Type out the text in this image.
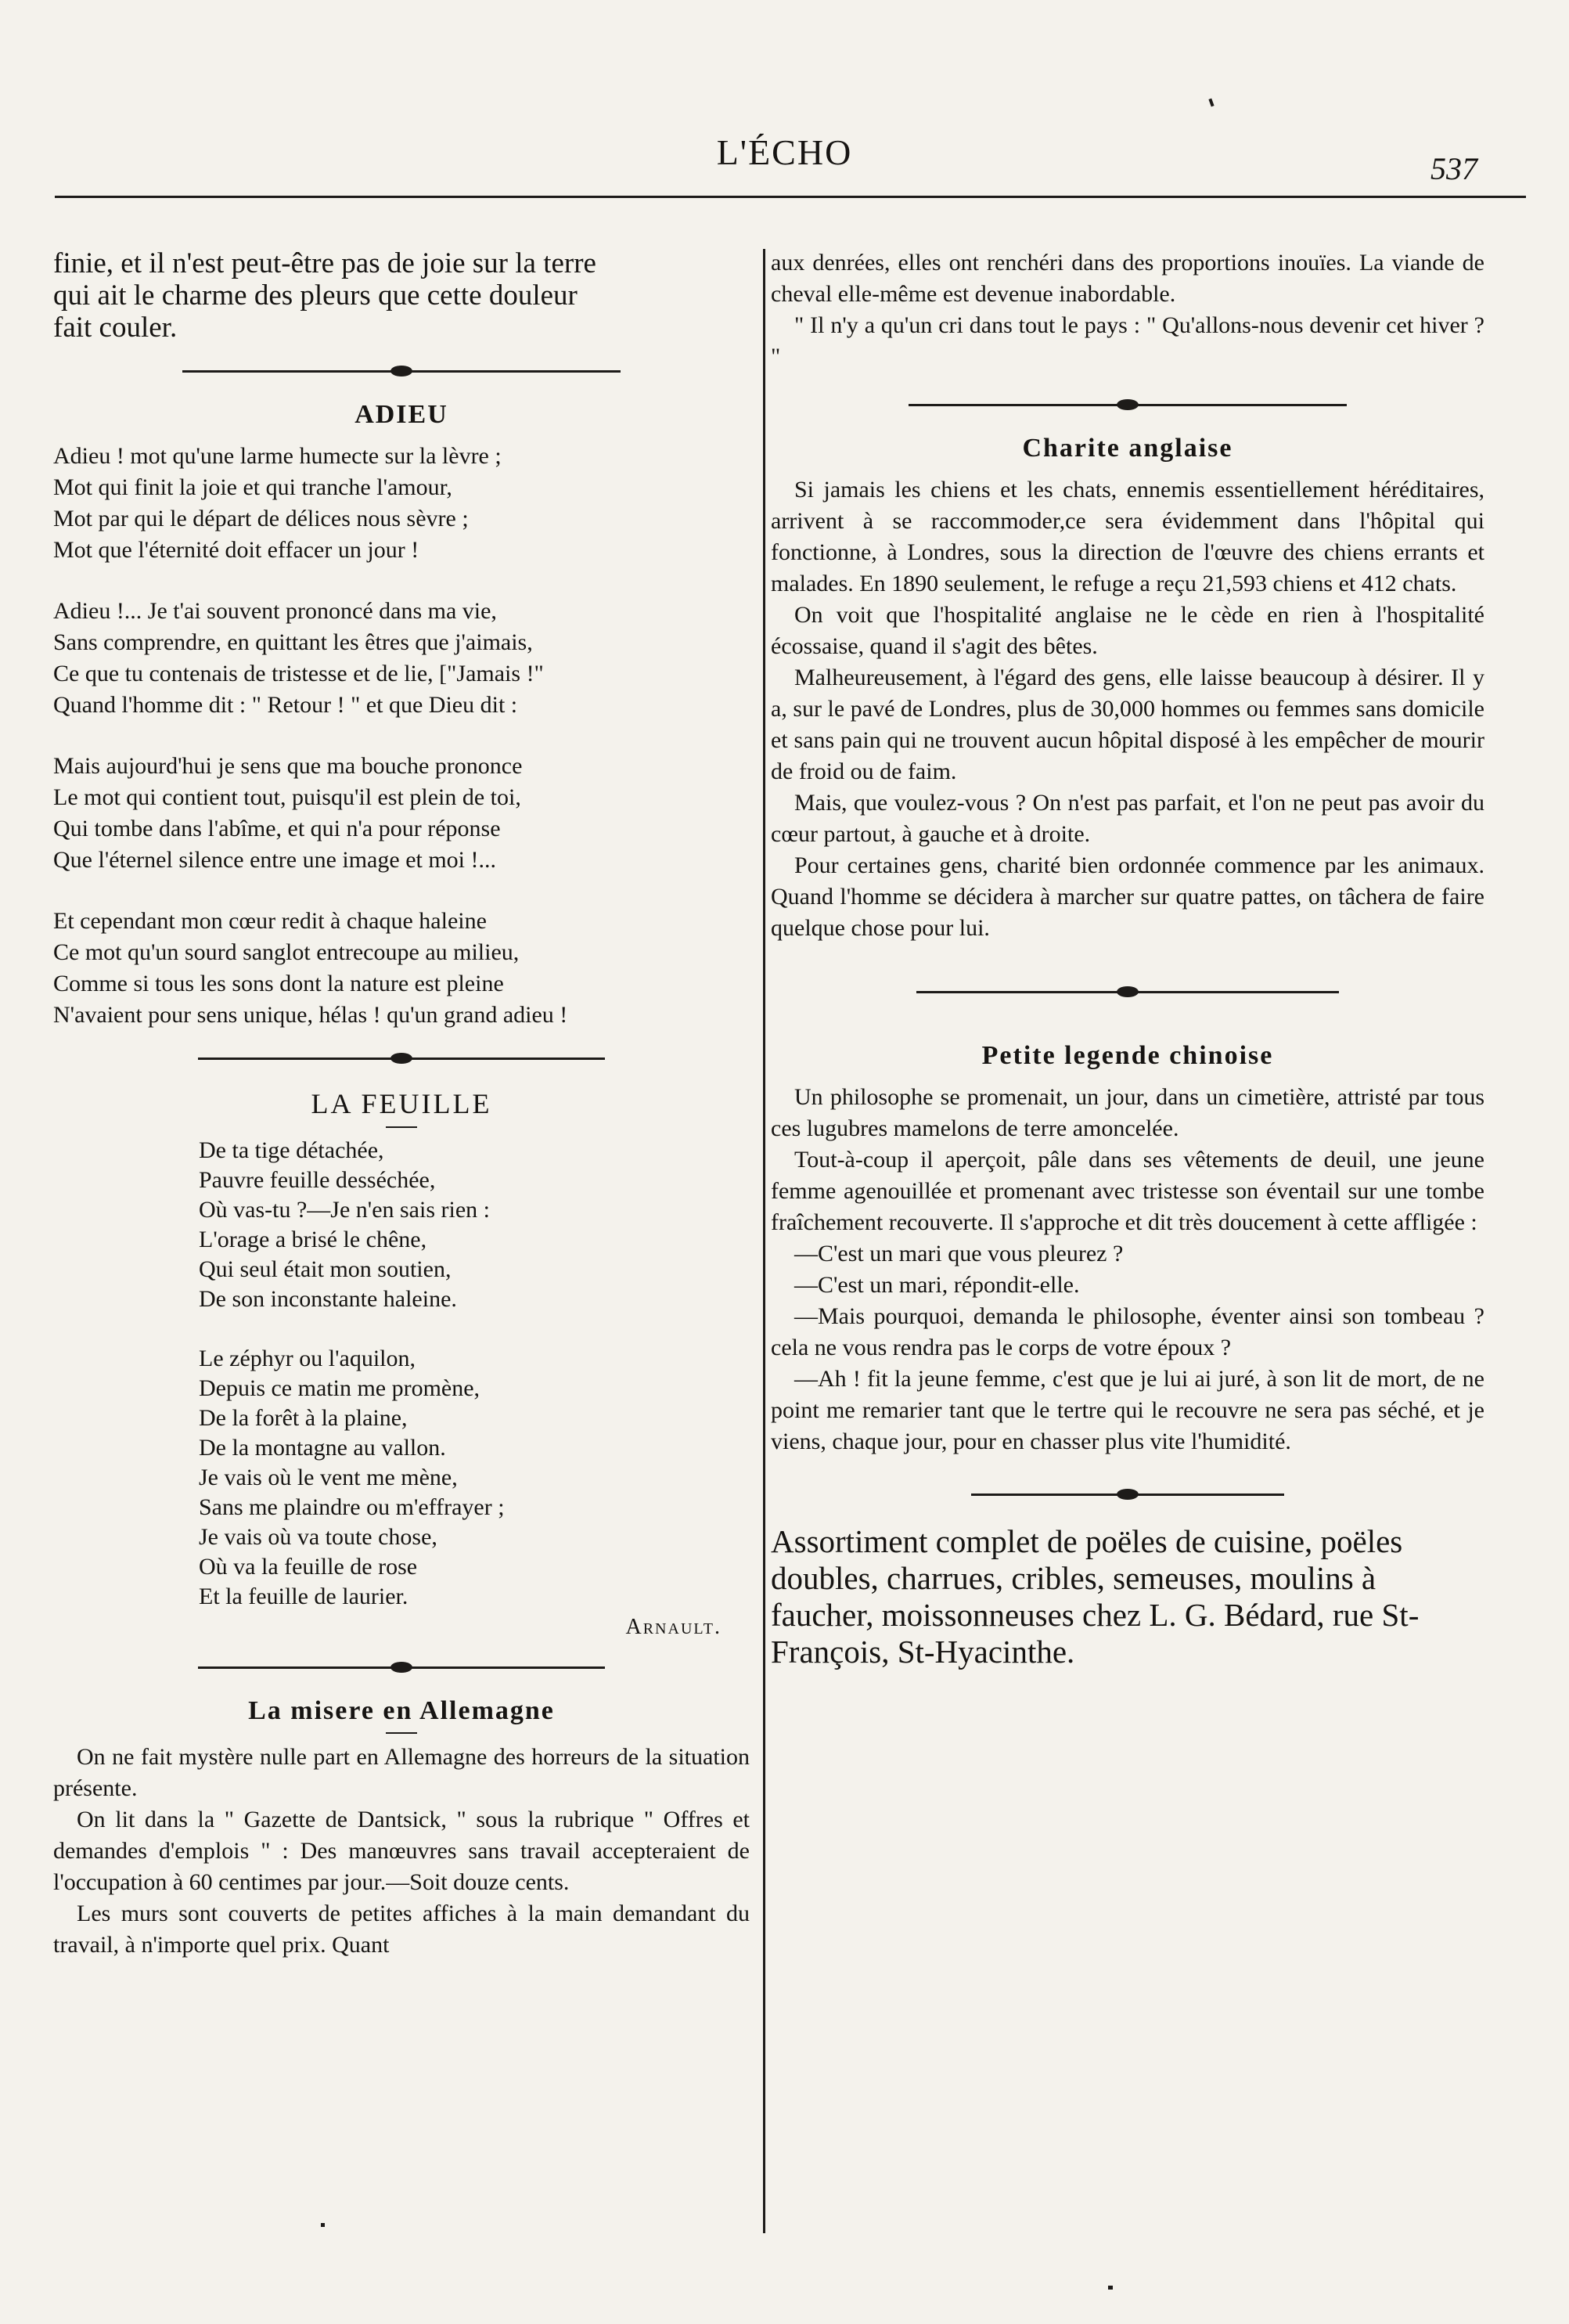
L'ÉCHO	537
finie, et il n'est peut-être pas de joie sur la terre
qui ait le charme des pleurs que cette douleur
fait couler.
ADIEU
Adieu ! mot qu'une larme humecte sur la lèvre ;
Mot qui finit la joie et qui tranche l'amour,
Mot par qui le départ de délices nous sèvre ;
Mot que l'éternité doit effacer un jour !
Adieu !... Je t'ai souvent prononcé dans ma vie,
Sans comprendre, en quittant les êtres que j'aimais,
Ce que tu contenais de tristesse et de lie, ["Jamais !"
Quand l'homme dit : " Retour ! " et que Dieu dit :
Mais aujourd'hui je sens que ma bouche prononce
Le mot qui contient tout, puisqu'il est plein de toi,
Qui tombe dans l'abîme, et qui n'a pour réponse
Que l'éternel silence entre une image et moi !...
Et cependant mon cœur redit à chaque haleine
Ce mot qu'un sourd sanglot entrecoupe au milieu,
Comme si tous les sons dont la nature est pleine
N'avaient pour sens unique, hélas ! qu'un grand adieu !
LA FEUILLE
De ta tige détachée,
Pauvre feuille desséchée,
Où vas-tu ?—Je n'en sais rien :
L'orage a brisé le chêne,
Qui seul était mon soutien,
De son inconstante haleine.
Le zéphyr ou l'aquilon,
Depuis ce matin me promène,
De la forêt à la plaine,
De la montagne au vallon.
Je vais où le vent me mène,
Sans me plaindre ou m'effrayer ;
Je vais où va toute chose,
Où va la feuille de rose
Et la feuille de laurier.
Arnault.
La misere en Allemagne

On ne fait mystère nulle part en Allemagne des horreurs de la situation présente.

On lit dans la " Gazette de Dantsick, " sous la rubrique " Offres et demandes d'emplois " : Des manœuvres sans travail accepteraient de l'occupation à 60 centimes par jour.—Soit douze cents.

Les murs sont couverts de petites affiches à la main demandant du travail, à n'importe quel prix. Quant

aux denrées, elles ont renchéri dans des proportions inouïes. La viande de cheval elle-même est devenue inabordable.

" Il n'y a qu'un cri dans tout le pays : " Qu'allons-nous devenir cet hiver ? "

Charite anglaise

Si jamais les chiens et les chats, ennemis essentiellement héréditaires, arrivent à se raccommoder,ce sera évidemment dans l'hôpital qui fonctionne, à Londres, sous la direction de l'œuvre des chiens errants et malades. En 1890 seulement, le refuge a reçu 21,593 chiens et 412 chats.

On voit que l'hospitalité anglaise ne le cède en rien à l'hospitalité écossaise, quand il s'agit des bêtes.

Malheureusement, à l'égard des gens, elle laisse beaucoup à désirer. Il y a, sur le pavé de Londres, plus de 30,000 hommes ou femmes sans domicile et sans pain qui ne trouvent aucun hôpital disposé à les empêcher de mourir de froid ou de faim.

Mais, que voulez-vous ? On n'est pas parfait, et l'on ne peut pas avoir du cœur partout, à gauche et à droite.

Pour certaines gens, charité bien ordonnée commence par les animaux. Quand l'homme se décidera à marcher sur quatre pattes, on tâchera de faire quelque chose pour lui.

Petite legende chinoise

Un philosophe se promenait, un jour, dans un cimetière, attristé par tous ces lugubres mamelons de terre amoncelée.

Tout-à-coup il aperçoit, pâle dans ses vêtements de deuil, une jeune femme agenouillée et promenant avec tristesse son éventail sur une tombe fraîchement recouverte. Il s'approche et dit très doucement à cette affligée :

—C'est un mari que vous pleurez ?

—C'est un mari, répondit-elle.

—Mais pourquoi, demanda le philosophe, éventer ainsi son tombeau ? cela ne vous rendra pas le corps de votre époux ?

—Ah ! fit la jeune femme, c'est que je lui ai juré, à son lit de mort, de ne point me remarier tant que le tertre qui le recouvre ne sera pas séché, et je viens, chaque jour, pour en chasser plus vite l'humidité.

Assortiment complet de poëles de cuisine, poëles doubles, charrues, cribles, semeuses, moulins à faucher, moissonneuses chez L. G. Bédard, rue St-François, St-Hyacinthe.
